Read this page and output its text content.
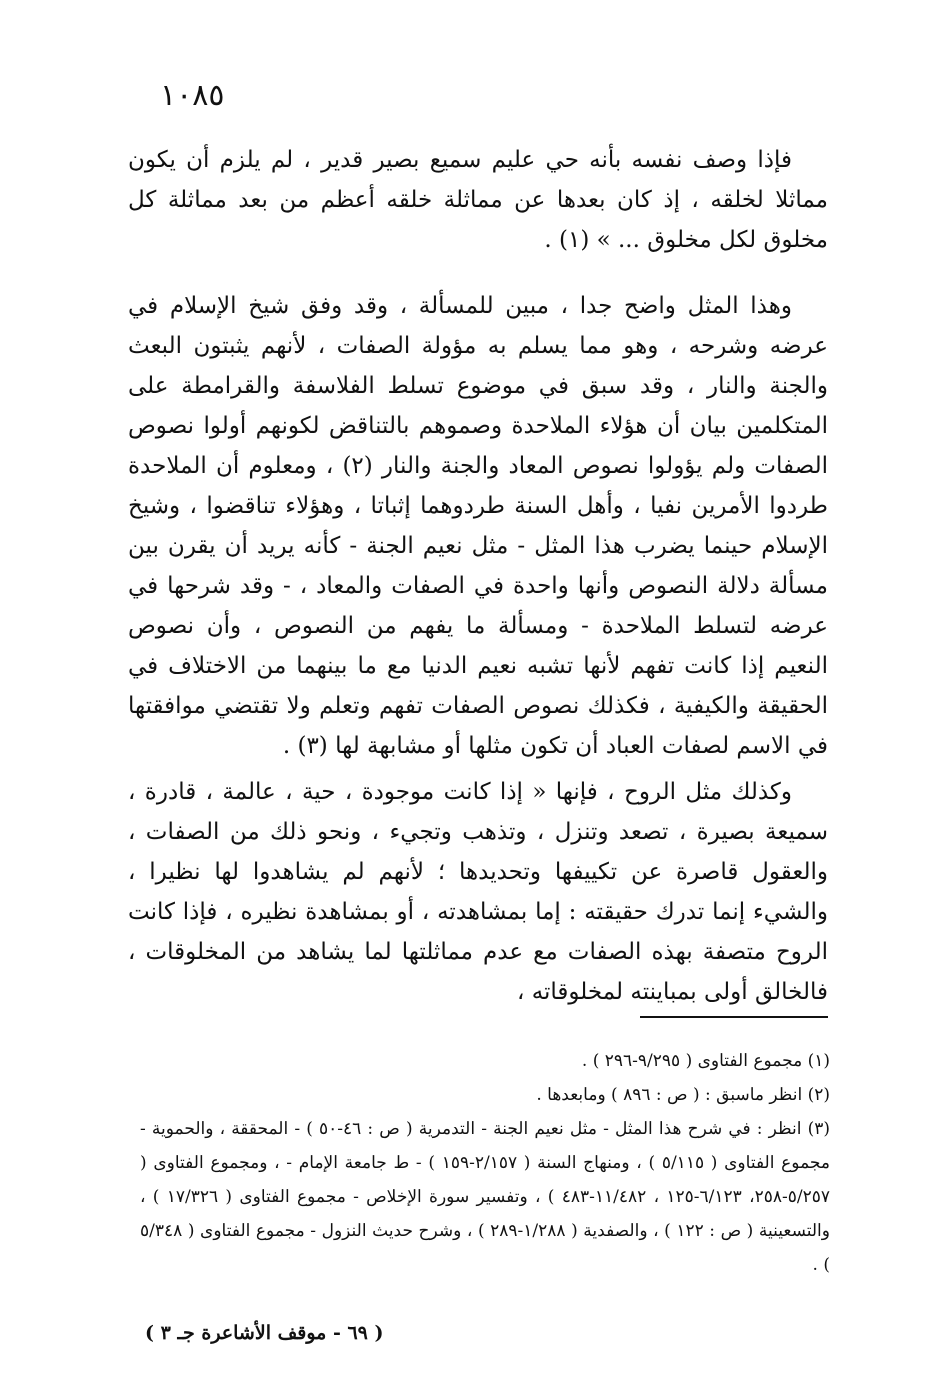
١٠٨٥

فإذا وصف نفسه بأنه حي عليم سميع بصير قدير ، لم يلزم أن يكون مماثلا لخلقه ، إذ كان بعدها عن مماثلة خلقه أعظم من بعد مماثلة كل مخلوق لكل مخلوق ... » (١) .

وهذا المثل واضح جدا ، مبين للمسألة ، وقد وفق شيخ الإسلام في عرضه وشرحه ، وهو مما يسلم به مؤولة الصفات ، لأنهم يثبتون البعث والجنة والنار ، وقد سبق في موضوع تسلط الفلاسفة والقرامطة على المتكلمين بيان أن هؤلاء الملاحدة وصموهم بالتناقض لكونهم أولوا نصوص الصفات ولم يؤولوا نصوص المعاد والجنة والنار (٢) ، ومعلوم أن الملاحدة طردوا الأمرين نفيا ، وأهل السنة طردوهما إثباتا ، وهؤلاء تناقضوا ، وشيخ الإسلام حينما يضرب هذا المثل - مثل نعيم الجنة - كأنه يريد أن يقرن بين مسألة دلالة النصوص وأنها واحدة في الصفات والمعاد ، - وقد شرحها في عرضه لتسلط الملاحدة - ومسألة ما يفهم من النصوص ، وأن نصوص النعيم إذا كانت تفهم لأنها تشبه نعيم الدنيا مع ما بينهما من الاختلاف في الحقيقة والكيفية ، فكذلك نصوص الصفات تفهم وتعلم ولا تقتضي موافقتها في الاسم لصفات العباد أن تكون مثلها أو مشابهة لها (٣) .

وكذلك مثل الروح ، فإنها « إذا كانت موجودة ، حية ، عالمة ، قادرة ، سميعة بصيرة ، تصعد وتنزل ، وتذهب وتجيء ، ونحو ذلك من الصفات ، والعقول قاصرة عن تكييفها وتحديدها ؛ لأنهم لم يشاهدوا لها نظيرا ، والشيء إنما تدرك حقيقته : إما بمشاهدته ، أو بمشاهدة نظيره ، فإذا كانت الروح متصفة بهذه الصفات مع عدم مماثلتها لما يشاهد من المخلوقات ، فالخالق أولى بمباينته لمخلوقاته ،

(١) مجموع الفتاوى ( ٩/٢٩٥-٢٩٦ ) .

(٢) انظر ماسبق : ( ص : ٨٩٦ ) ومابعدها .

(٣) انظر : في شرح هذا المثل - مثل نعيم الجنة - التدمرية ( ص : ٤٦-٥٠ ) - المحققة ، والحموية - مجموع الفتاوى ( ٥/١١٥ ) ، ومنهاج السنة ( ٢/١٥٧-١٥٩ ) - ط جامعة الإمام - ، ومجموع الفتاوى ( ٥/٢٥٧-٢٥٨، ٦/١٢٣-١٢٥ ، ١١/٤٨٢-٤٨٣ ) ، وتفسير سورة الإخلاص - مجموع الفتاوى ( ١٧/٣٢٦ ) ، والتسعينية ( ص : ١٢٢ ) ، والصفدية ( ١/٢٨٨-٢٨٩ ) ، وشرح حديث النزول - مجموع الفتاوى ( ٥/٣٤٨ ) .

( ٦٩ - موقف الأشاعرة جـ ٣ )
